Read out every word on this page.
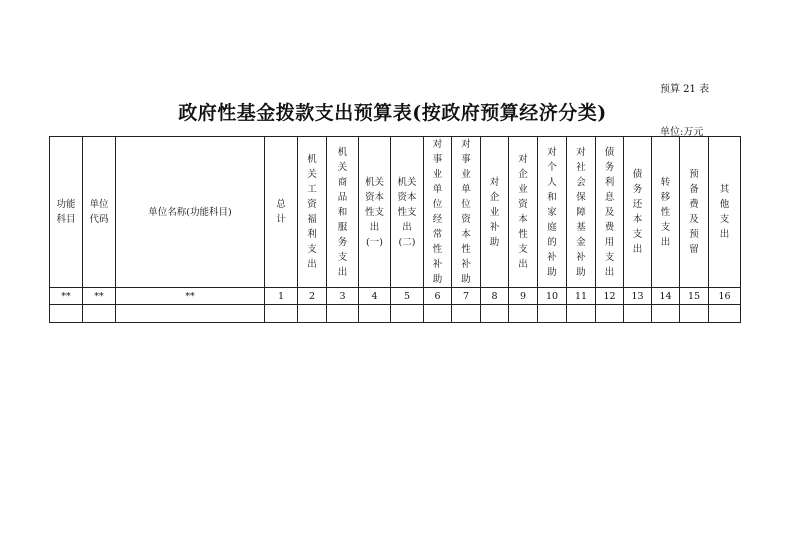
预算 21 表
政府性基金拨款支出预算表(按政府预算经济分类)
单位:万元
功能科目	单位代码	单位名称(功能科目)	总计	机关工资福利支出	机关商品和服务支出	机关资本性支出(一)	机关资本性支出(二)	对事业单位经常性补助	对事业单位资本性补助	对企业补助	对企业资本性支出	对个人和家庭的补助	对社会保障基金补助	债务利息及费用支出	债务还本支出	转移性支出	预备费及预留	其他支出
**	**	**	1	2	3	4	5	6	7	8	9	10	11	12	13	14	15	16
